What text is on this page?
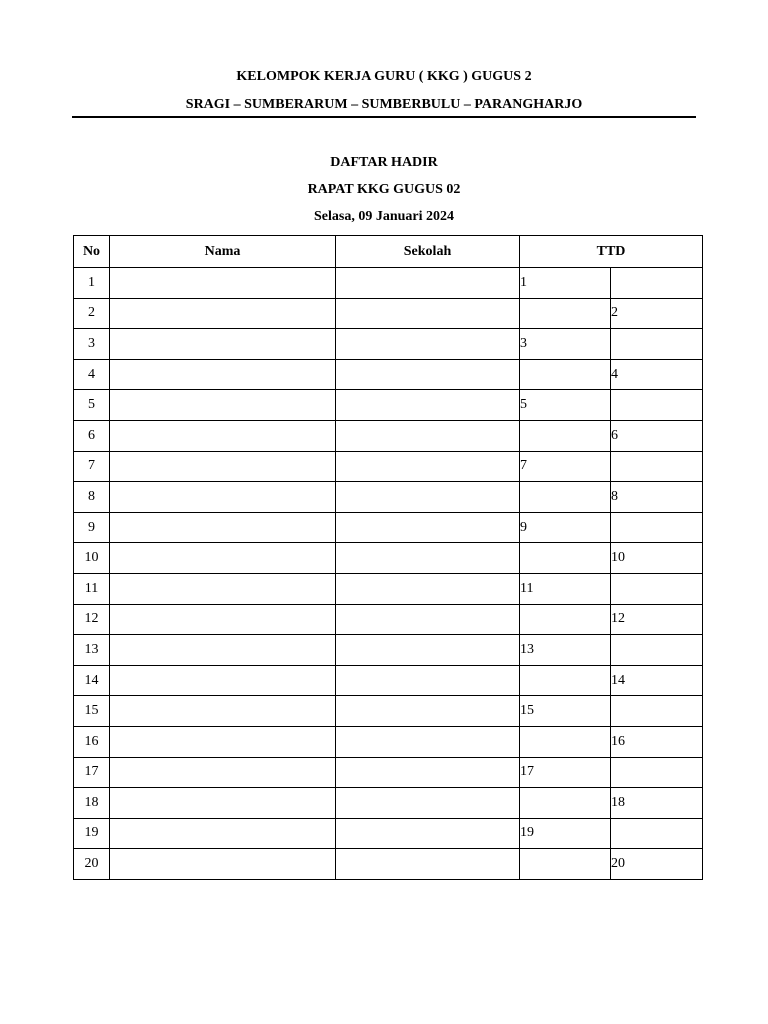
KELOMPOK KERJA GURU ( KKG ) GUGUS 2
SRAGI – SUMBERARUM – SUMBERBULU – PARANGHARJO
DAFTAR HADIR
RAPAT KKG GUGUS 02
Selasa, 09 Januari 2024
No	Nama	Sekolah	TTD	
1			1	
2				2
3			3	
4				4
5			5	
6				6
7			7	
8				8
9			9	
10				10
11			11	
12				12
13			13	
14				14
15			15	
16				16
17			17	
18				18
19			19	
20				20
